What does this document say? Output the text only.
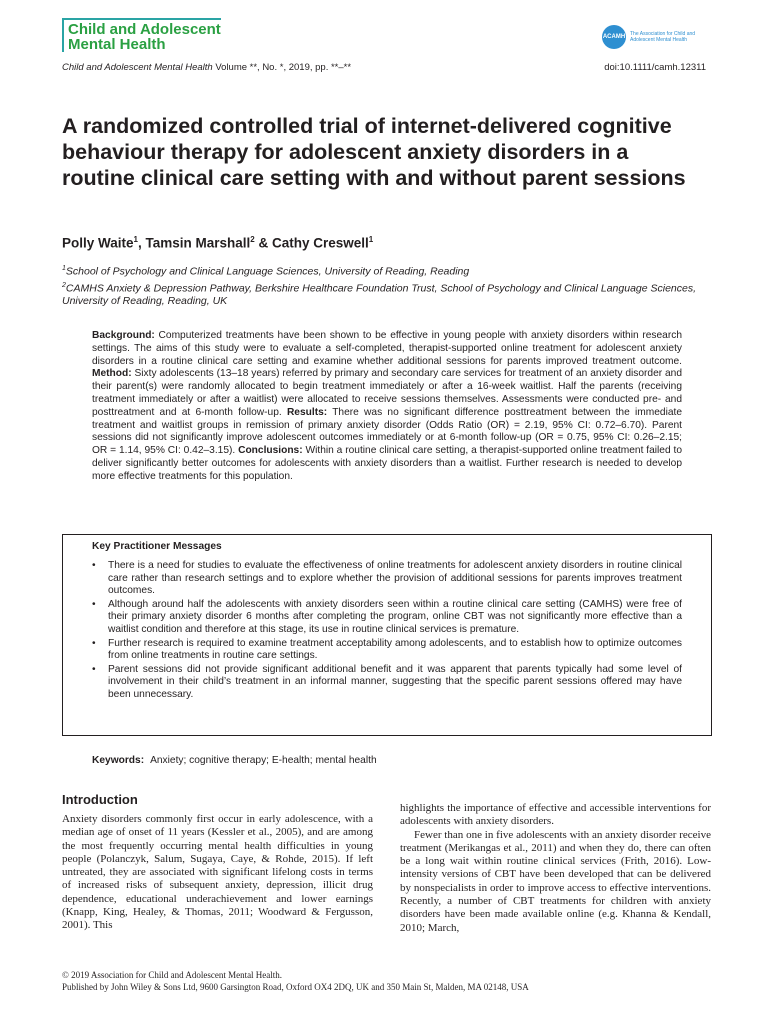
Child and Adolescent
Mental Health	ACAMH The Association for Child and Adolescent Mental Health
Child and Adolescent Mental Health Volume **, No. *, 2019, pp. **–**	doi:10.1111/camh.12311
A randomized controlled trial of internet-delivered cognitive behaviour therapy for adolescent anxiety disorders in a routine clinical care setting with and without parent sessions
Polly Waite$^1$, Tamsin Marshall$^2$ & Cathy Creswell$^1$
$^1$School of Psychology and Clinical Language Sciences, University of Reading, Reading
$^2$CAMHS Anxiety & Depression Pathway, Berkshire Healthcare Foundation Trust, School of Psychology and Clinical Language Sciences, University of Reading, Reading, UK
Background: Computerized treatments have been shown to be effective in young people with anxiety disorders within research settings. The aims of this study were to evaluate a self-completed, therapist-supported online treatment for adolescent anxiety disorders in a routine clinical care setting and examine whether additional sessions for parents improved treatment outcome. Method: Sixty adolescents (13–18 years) referred by primary and secondary care services for treatment of an anxiety disorder and their parent(s) were randomly allocated to begin treatment immediately or after a 16-week waitlist. Half the parents (receiving treatment immediately or after a waitlist) were allocated to receive sessions themselves. Assessments were conducted pre- and posttreatment and at 6-month follow-up. Results: There was no significant difference posttreatment between the immediate treatment and waitlist groups in remission of primary anxiety disorder (Odds Ratio (OR) = 2.19, 95% CI: 0.72–6.70). Parent sessions did not significantly improve adolescent outcomes immediately or at 6-month follow-up (OR = 0.75, 95% CI: 0.26–2.15; OR = 1.14, 95% CI: 0.42–3.15). Conclusions: Within a routine clinical care setting, a therapist-supported online treatment failed to deliver significantly better outcomes for adolescents with anxiety disorders than a waitlist. Further research is needed to develop more effective treatments for this population.
Key Practitioner Messages
• There is a need for studies to evaluate the effectiveness of online treatments for adolescent anxiety disorders in routine clinical care rather than research settings and to explore whether the provision of additional sessions for parents improves treatment outcomes.
• Although around half the adolescents with anxiety disorders seen within a routine clinical care setting (CAMHS) were free of their primary anxiety disorder 6 months after completing the program, online CBT was not significantly more effective than a waitlist condition and therefore at this stage, its use in routine clinical services is premature.
• Further research is required to examine treatment acceptability among adolescents, and to establish how to optimize outcomes from online treatments in routine care settings.
• Parent sessions did not provide significant additional benefit and it was apparent that parents typically had some level of involvement in their child’s treatment in an informal manner, suggesting that the specific parent sessions offered may have been unnecessary.
Keywords: Anxiety; cognitive therapy; E-health; mental health
Introduction

Anxiety disorders commonly first occur in early adolescence, with a median age of onset of 11 years (Kessler et al., 2005), and are among the most frequently occurring mental health difficulties in young people (Polanczyk, Salum, Sugaya, Caye, & Rohde, 2015). If left untreated, they are associated with significant lifelong costs in terms of increased risks of subsequent anxiety, depression, illicit drug dependence, educational underachievement and lower earnings (Knapp, King, Healey, & Thomas, 2011; Woodward & Fergusson, 2001). This

highlights the importance of effective and accessible interventions for adolescents with anxiety disorders.

Fewer than one in five adolescents with an anxiety disorder receive treatment (Merikangas et al., 2011) and when they do, there can often be a long wait within routine clinical services (Frith, 2016). Low-intensity versions of CBT have been developed that can be delivered by nonspecialists in order to improve access to effective interventions. Recently, a number of CBT treatments for children with anxiety disorders have been made available online (e.g. Khanna & Kendall, 2010; March,

© 2019 Association for Child and Adolescent Mental Health.
Published by John Wiley & Sons Ltd, 9600 Garsington Road, Oxford OX4 2DQ, UK and 350 Main St, Malden, MA 02148, USA
